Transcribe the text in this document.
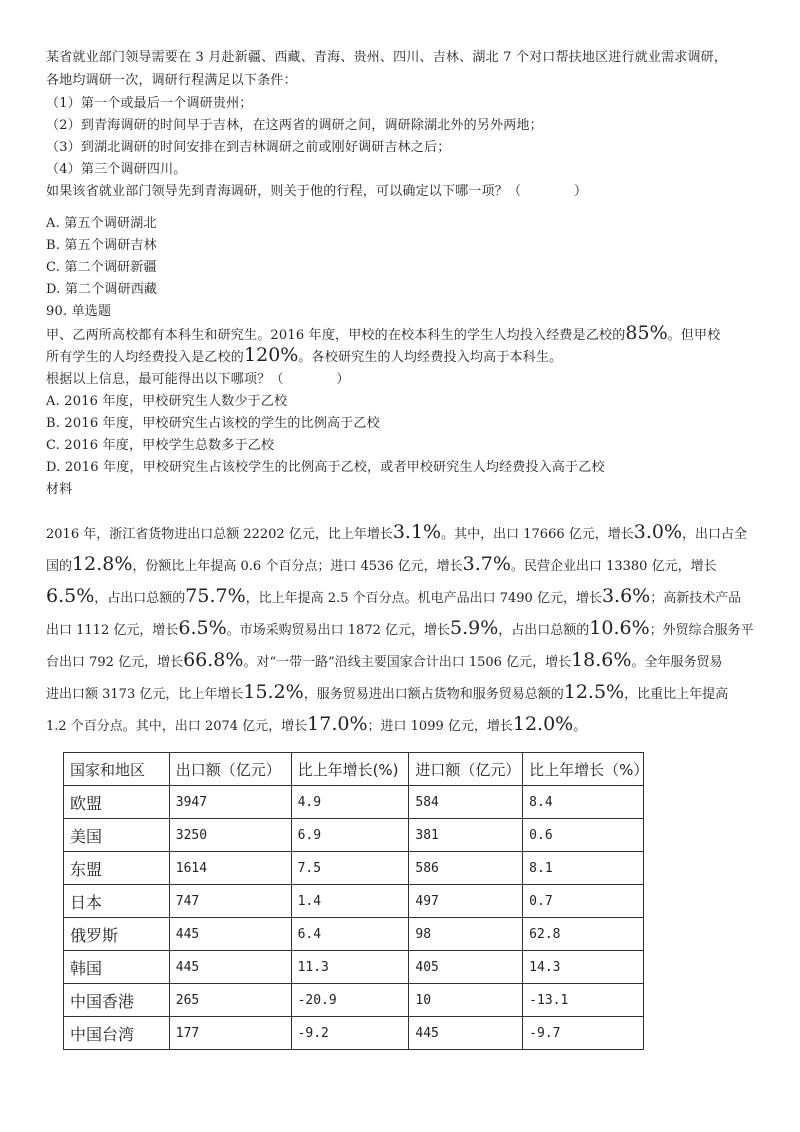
某省就业部门领导需要在 3 月赴新疆、西藏、青海、贵州、四川、吉林、湖北 7 个对口帮扶地区进行就业需求调研，
各地均调研一次，调研行程满足以下条件：
（1）第一个或最后一个调研贵州；
（2）到青海调研的时间早于吉林，在这两省的调研之间，调研除湖北外的另外两地；
（3）到湖北调研的时间安排在到吉林调研之前或刚好调研吉林之后；
（4）第三个调研四川。
如果该省就业部门领导先到青海调研，则关于他的行程，可以确定以下哪一项？（　　　　）
A. 第五个调研湖北
B. 第五个调研吉林
C. 第二个调研新疆
D. 第二个调研西藏
90. 单选题
甲、乙两所高校都有本科生和研究生。2016 年度，甲校的在校本科生的学生人均投入经费是乙校的85%。但甲校
所有学生的人均经费投入是乙校的120%。各校研究生的人均经费投入均高于本科生。
根据以上信息，最可能得出以下哪项？（　　　　）
A. 2016 年度，甲校研究生人数少于乙校
B. 2016 年度，甲校研究生占该校的学生的比例高于乙校
C. 2016 年度，甲校学生总数多于乙校
D. 2016 年度，甲校研究生占该校学生的比例高于乙校，或者甲校研究生人均经费投入高于乙校
材料
2016 年，浙江省货物进出口总额 22202 亿元，比上年增长3.1%。其中，出口 17666 亿元，增长3.0%，出口占全
国的12.8%，份额比上年提高 0.6 个百分点；进口 4536 亿元，增长3.7%。民营企业出口 13380 亿元，增长
6.5%，占出口总额的75.7%，比上年提高 2.5 个百分点。机电产品出口 7490 亿元，增长3.6%；高新技术产品
出口 1112 亿元，增长6.5%。市场采购贸易出口 1872 亿元，增长5.9%，占出口总额的10.6%；外贸综合服务平
台出口 792 亿元，增长66.8%。对“一带一路”沿线主要国家合计出口 1506 亿元，增长18.6%。全年服务贸易
进出口额 3173 亿元，比上年增长15.2%，服务贸易进出口额占货物和服务贸易总额的12.5%，比重比上年提高
1.2 个百分点。其中，出口 2074 亿元，增长17.0%；进口 1099 亿元，增长12.0%。
国家和地区	出口额（亿元）	比上年增长(%)	进口额（亿元）	比上年增长（%）
欧盟	3947	4.9	584	8.4
美国	3250	6.9	381	0.6
东盟	1614	7.5	586	8.1
日本	747	1.4	497	0.7
俄罗斯	445	6.4	98	62.8
韩国	445	11.3	405	14.3
中国香港	265	-20.9	10	-13.1
中国台湾	177	-9.2	445	-9.7
